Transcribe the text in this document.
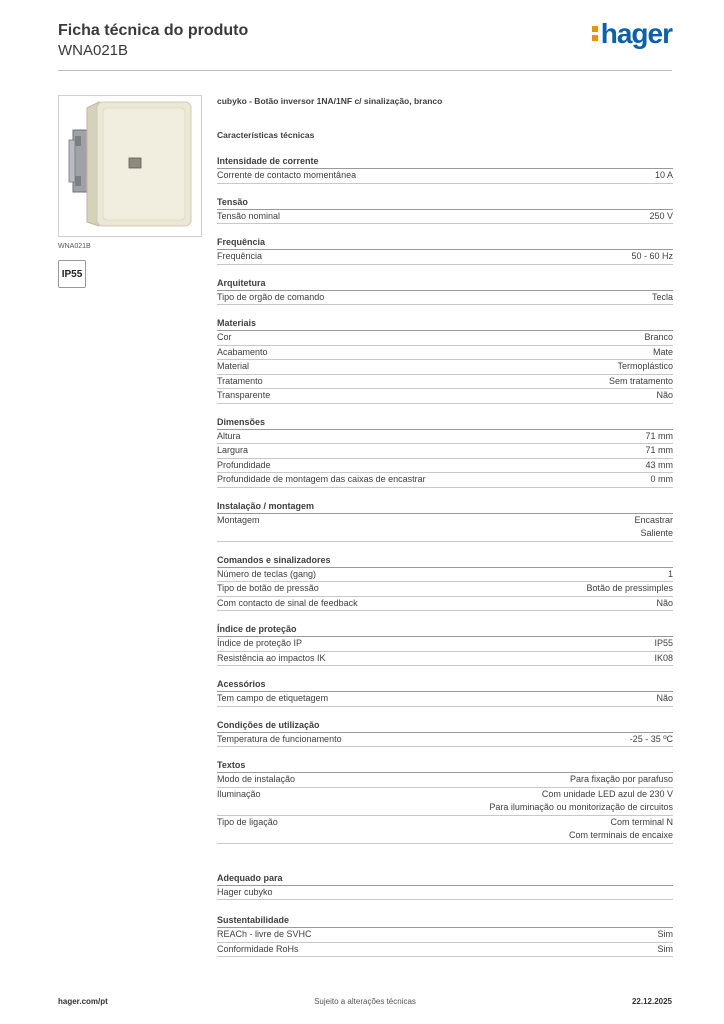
Ficha técnica do produto
WNA021B
hager
WNA021B
IP55
cubyko - Botão inversor 1NA/1NF c/ sinalização, branco
Características técnicas
Intensidade de corrente
Corrente de contacto momentânea	10 A
Tensão
Tensão nominal	250 V
Frequência
Frequência	50 - 60 Hz
Arquitetura
Tipo de orgão de comando	Tecla
Materiais
Cor	Branco
Acabamento	Mate
Material	Termoplástico
Tratamento	Sem tratamento
Transparente	Não
Dimensões
Altura	71 mm
Largura	71 mm
Profundidade	43 mm
Profundidade de montagem das caixas de encastrar	0 mm
Instalação / montagem
Montagem	Encastrar
Saliente
Comandos e sinalizadores
Número de teclas (gang)	1
Tipo de botão de pressão	Botão de pressimples
Com contacto de sinal de feedback	Não
Índice de proteção
Índice de proteção IP	IP55
Resistência ao impactos IK	IK08
Acessórios
Tem campo de etiquetagem	Não
Condições de utilização
Temperatura de funcionamento	-25 - 35 ºC
Textos
Modo de instalação	Para fixação por parafuso
Iluminação	Com unidade LED azul de 230 V
Para iluminação ou monitorização de circuitos
Tipo de ligação	Com terminal N
Com terminais de encaixe
Adequado para
Hager cubyko
Sustentabilidade
REACh - livre de SVHC	Sim
Conformidade RoHs	Sim
hager.com/pt	Sujeito a alterações técnicas	22.12.2025
